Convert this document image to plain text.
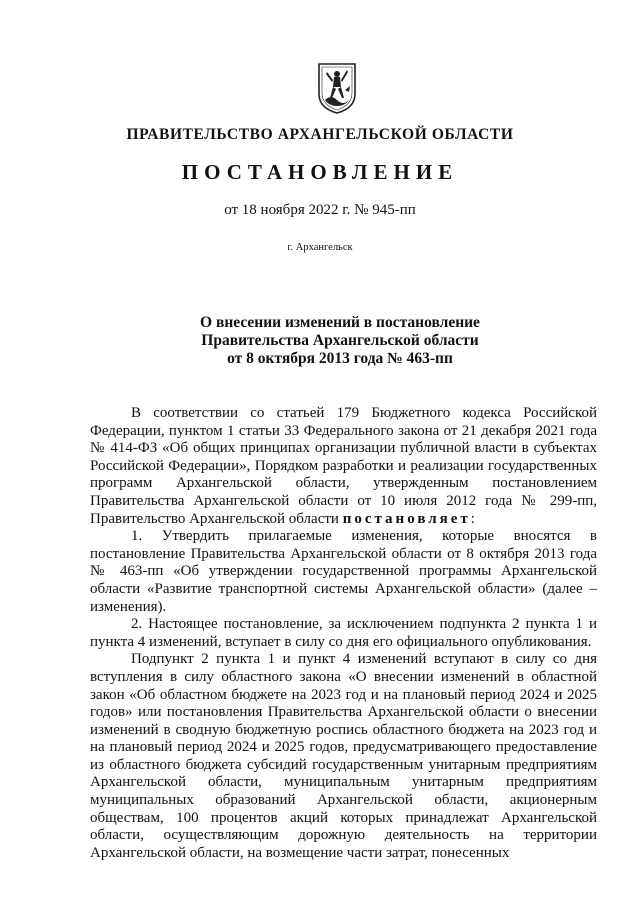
ПРАВИТЕЛЬСТВО АРХАНГЕЛЬСКОЙ ОБЛАСТИ
ПОСТАНОВЛЕНИЕ
от 18 ноября 2022 г. № 945-пп
г. Архангельск
О внесении изменений в постановление
Правительства Архангельской области
от 8 октября 2013 года № 463-пп

В соответствии со статьей 179 Бюджетного кодекса Российской Федерации, пунктом 1 статьи 33 Федерального закона от 21 декабря 2021 года № 414-ФЗ «Об общих принципах организации публичной власти в субъектах Российской Федерации», Порядком разработки и реализации государственных программ Архангельской области, утвержденным постановлением Правительства Архангельской области от 10 июля 2012 года № 299-пп, Правительство Архангельской области постановляет:

1. Утвердить прилагаемые изменения, которые вносятся в постановление Правительства Архангельской области от 8 октября 2013 года № 463-пп «Об утверждении государственной программы Архангельской области «Развитие транспортной системы Архангельской области» (далее – изменения).

2. Настоящее постановление, за исключением подпункта 2 пункта 1 и пункта 4 изменений, вступает в силу со дня его официального опубликования.

Подпункт 2 пункта 1 и пункт 4 изменений вступают в силу со дня вступления в силу областного закона «О внесении изменений в областной закон «Об областном бюджете на 2023 год и на плановый период 2024 и 2025 годов» или постановления Правительства Архангельской области о внесении изменений в сводную бюджетную роспись областного бюджета на 2023 год и на плановый период 2024 и 2025 годов, предусматривающего предоставление из областного бюджета субсидий государственным унитарным предприятиям Архангельской области, муниципальным унитарным предприятиям муниципальных образований Архангельской области, акционерным обществам, 100 процентов акций которых принадлежат Архангельской области, осуществляющим дорожную деятельность на территории Архангельской области, на возмещение части затрат, понесенных
